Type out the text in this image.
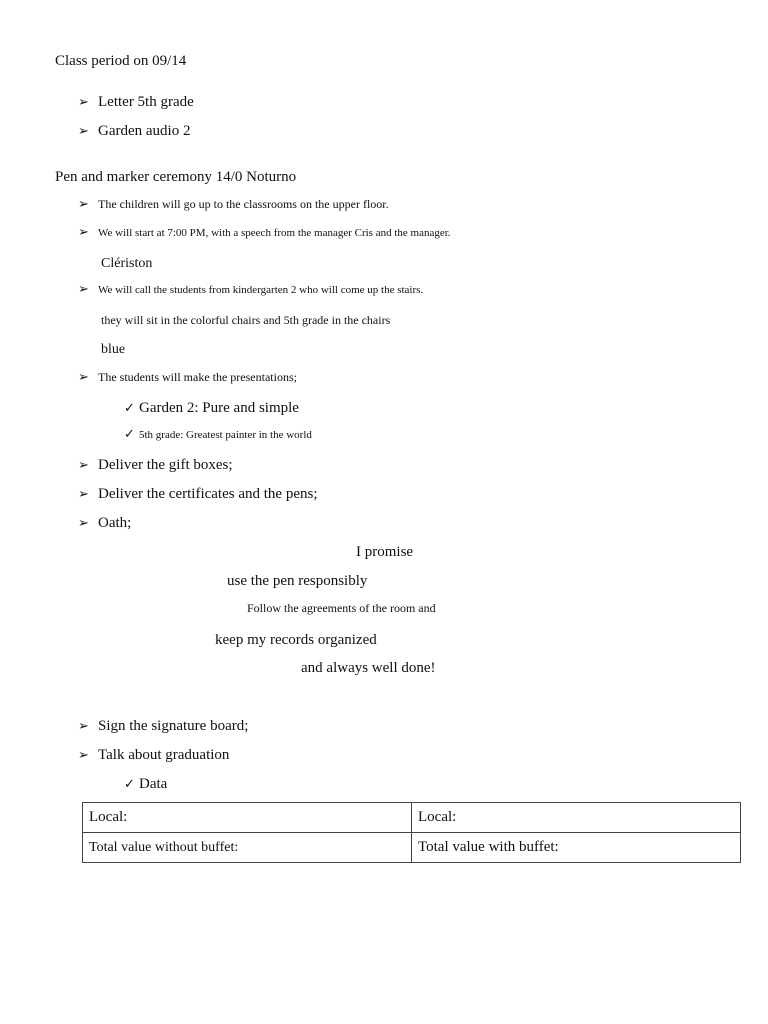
Class period on 09/14
➢ Letter 5th grade
➢ Garden audio 2
Pen and marker ceremony 14/0 Noturno
➢ The children will go up to the classrooms on the upper floor.
➢ We will start at 7:00 PM, with a speech from the manager Cris and the manager.
Clériston
➢ We will call the students from kindergarten 2 who will come up the stairs.
they will sit in the colorful chairs and 5th grade in the chairs
blue
➢ The students will make the presentations;
✓ Garden 2: Pure and simple
✓ 5th grade: Greatest painter in the world
➢ Deliver the gift boxes;
➢ Deliver the certificates and the pens;
➢ Oath;
I promise
use the pen responsibly
Follow the agreements of the room and
keep my records organized
and always well done!
➢ Sign the signature board;
➢ Talk about graduation
✓ Data
Local:	Local:
Total value without buffet:	Total value with buffet:
